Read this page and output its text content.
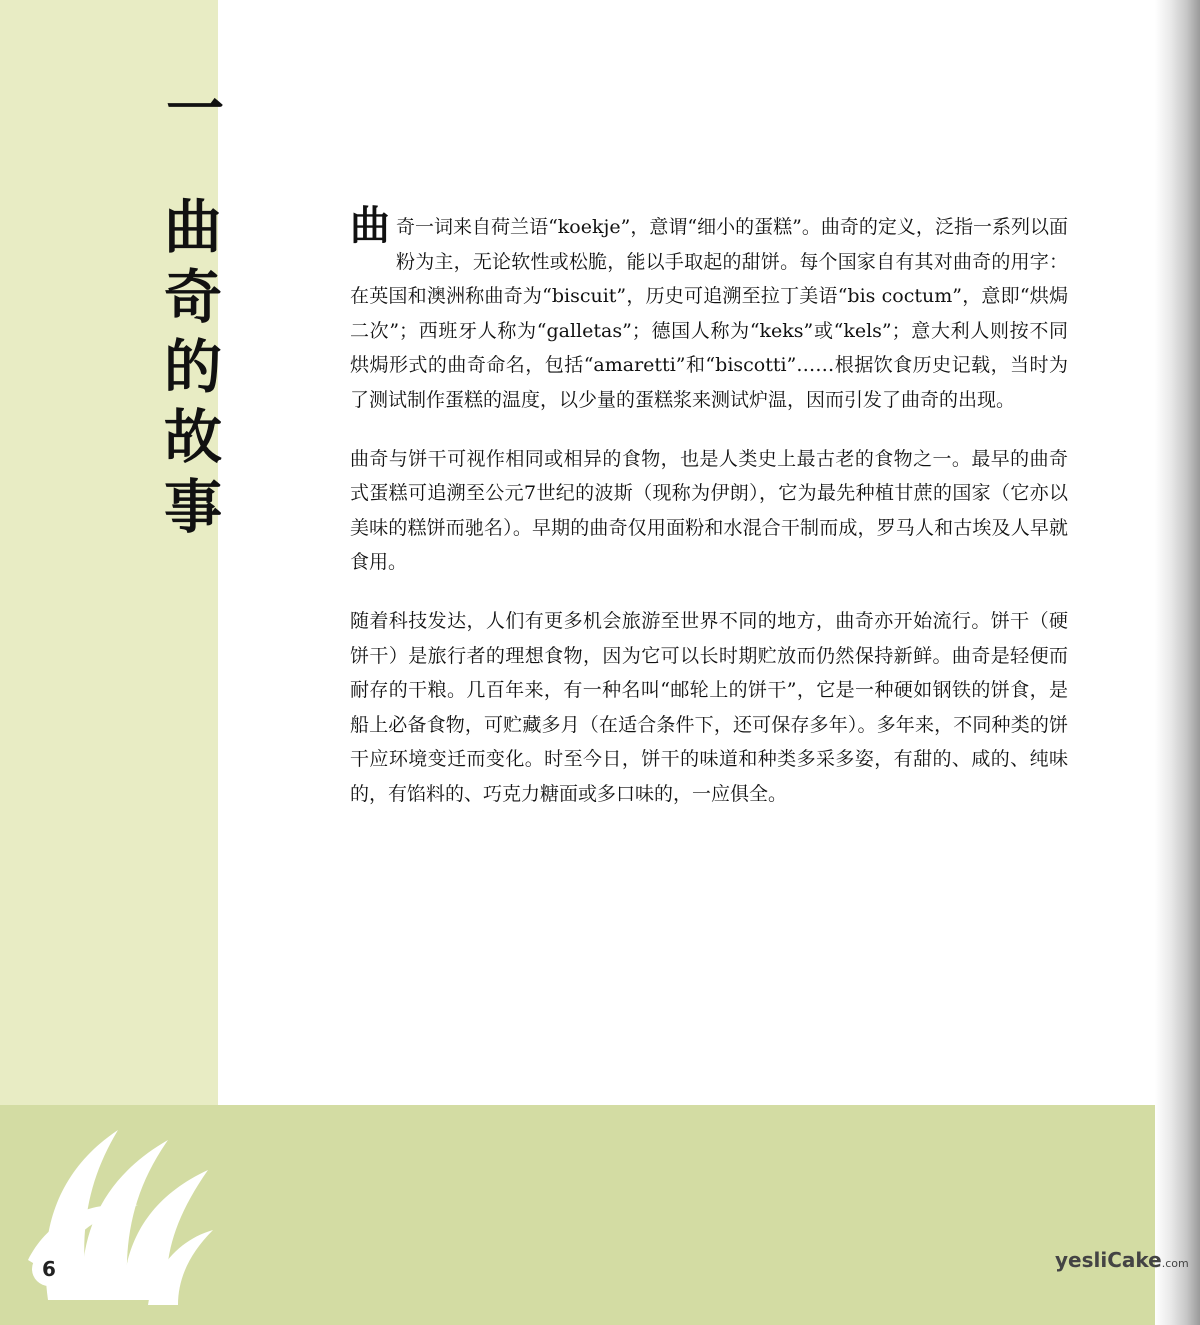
一
曲
奇
的
故
事

曲奇一词来自荷兰语“koekje”，意谓“细小的蛋糕”。曲奇的定义，泛指一系列以面粉为主，无论软性或松脆，能以手取起的甜饼。每个国家自有其对曲奇的用字：在英国和澳洲称曲奇为“biscuit”，历史可追溯至拉丁美语“bis coctum”，意即“烘焗二次”；西班牙人称为“galletas”；德国人称为“keks”或“kels”；意大利人则按不同烘焗形式的曲奇命名，包括“amaretti”和“biscotti”……根据饮食历史记载，当时为了测试制作蛋糕的温度，以少量的蛋糕浆来测试炉温，因而引发了曲奇的出现。

曲奇与饼干可视作相同或相异的食物，也是人类史上最古老的食物之一。最早的曲奇式蛋糕可追溯至公元7世纪的波斯（现称为伊朗），它为最先种植甘蔗的国家（它亦以美味的糕饼而驰名）。早期的曲奇仅用面粉和水混合干制而成，罗马人和古埃及人早就食用。

随着科技发达，人们有更多机会旅游至世界不同的地方，曲奇亦开始流行。饼干（硬饼干）是旅行者的理想食物，因为它可以长时期贮放而仍然保持新鲜。曲奇是轻便而耐存的干粮。几百年来，有一种名叫“邮轮上的饼干”，它是一种硬如钢铁的饼食，是船上必备食物，可贮藏多月（在适合条件下，还可保存多年）。多年来，不同种类的饼干应环境变迁而变化。时至今日，饼干的味道和种类多采多姿，有甜的、咸的、纯味的，有馅料的、巧克力糖面或多口味的，一应俱全。

6	yesliCake.com
